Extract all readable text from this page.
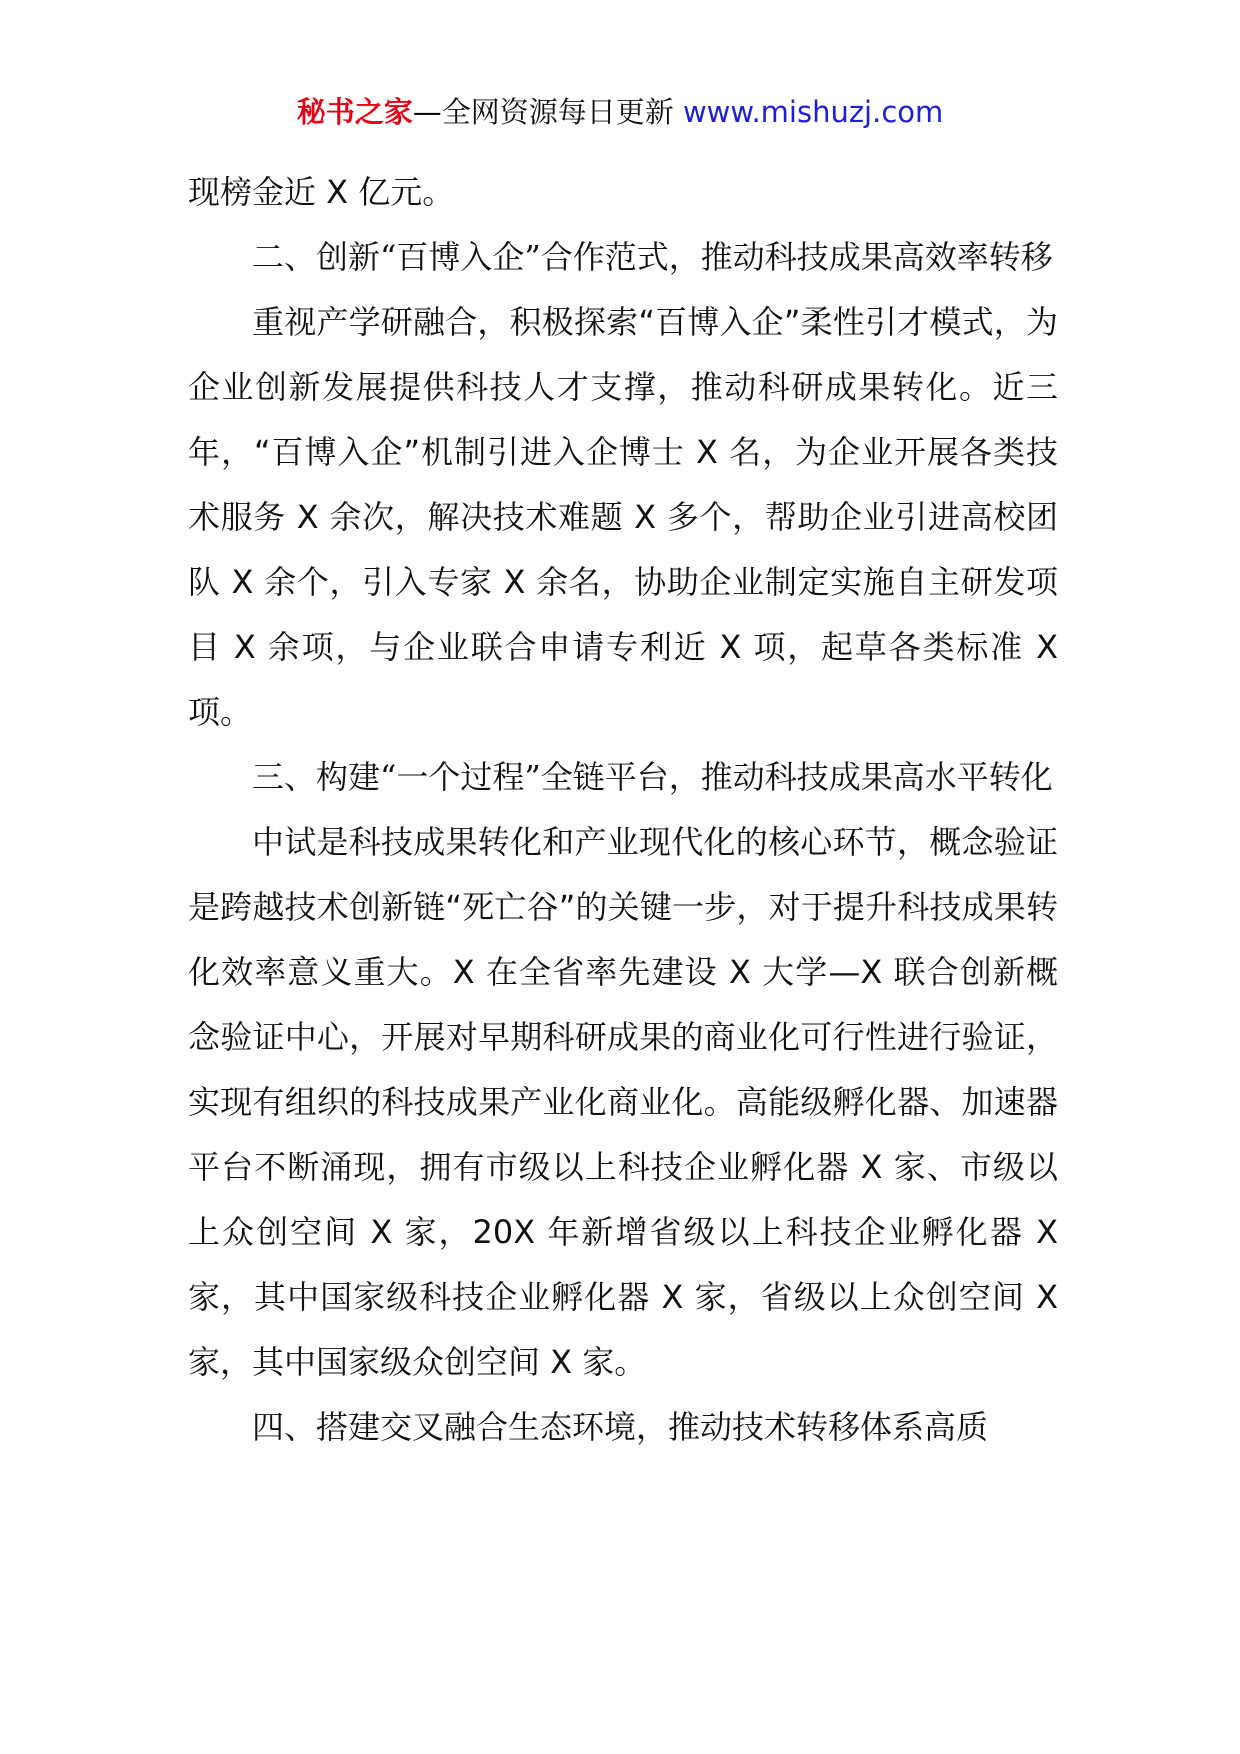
秘书之家—全网资源每日更新 www.mishuzj.com

现榜金近 X 亿元。

二、创新“百博入企”合作范式，推动科技成果高效率转移

重视产学研融合，积极探索“百博入企”柔性引才模式，为企业创新发展提供科技人才支撑，推动科研成果转化。近三年，“百博入企”机制引进入企博士 X 名，为企业开展各类技术服务 X 余次，解决技术难题 X 多个，帮助企业引进高校团队 X 余个，引入专家 X 余名，协助企业制定实施自主研发项目 X 余项，与企业联合申请专利近 X 项，起草各类标准 X 项。

三、构建“一个过程”全链平台，推动科技成果高水平转化

中试是科技成果转化和产业现代化的核心环节，概念验证是跨越技术创新链“死亡谷”的关键一步，对于提升科技成果转化效率意义重大。X 在全省率先建设 X 大学—X 联合创新概念验证中心，开展对早期科研成果的商业化可行性进行验证，实现有组织的科技成果产业化商业化。高能级孵化器、加速器平台不断涌现，拥有市级以上科技企业孵化器 X 家、市级以上众创空间 X 家，20X 年新增省级以上科技企业孵化器 X 家，其中国家级科技企业孵化器 X 家，省级以上众创空间 X 家，其中国家级众创空间 X 家。

四、搭建交叉融合生态环境，推动技术转移体系高质
